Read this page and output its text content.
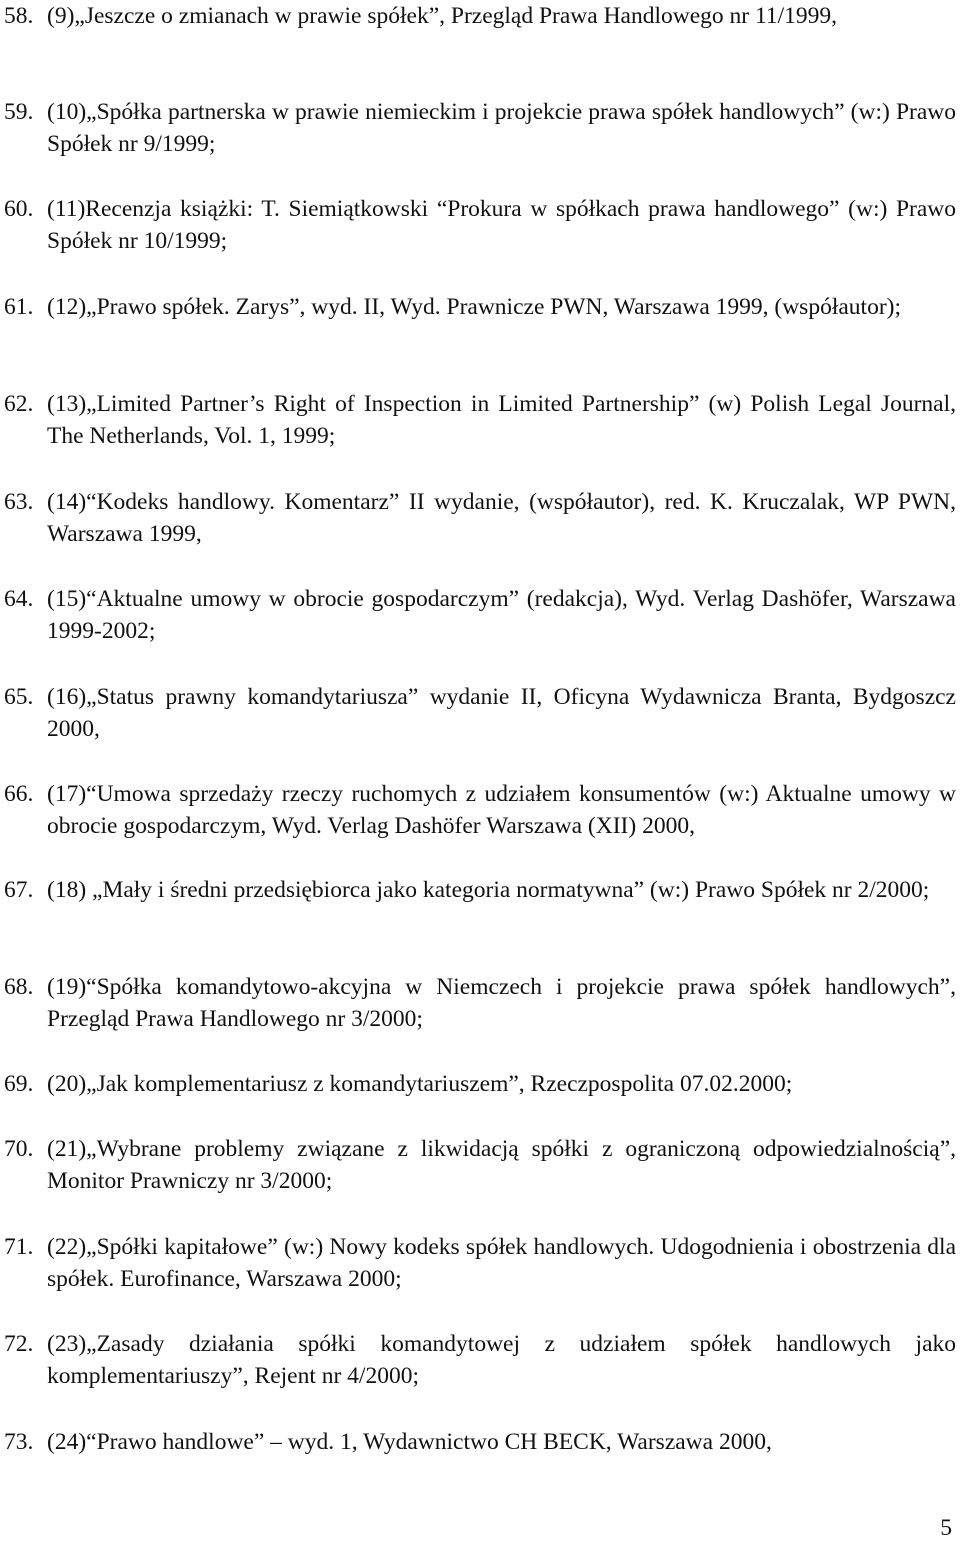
58. (9)„Jeszcze o zmianach w prawie spółek”, Przegląd Prawa Handlowego nr 11/1999,
59. (10)„Spółka partnerska w prawie niemieckim i projekcie prawa spółek handlowych” (w:) Prawo Spółek nr 9/1999;
60. (11)Recenzja książki: T. Siemiątkowski “Prokura w spółkach prawa handlowego” (w:) Prawo Spółek nr 10/1999;
61. (12)„Prawo spółek. Zarys”, wyd. II, Wyd. Prawnicze PWN, Warszawa 1999, (współautor);
62. (13)„Limited Partner’s Right of Inspection in Limited Partnership” (w) Polish Legal Journal, The Netherlands, Vol. 1, 1999;
63. (14)“Kodeks handlowy. Komentarz” II wydanie, (współautor), red. K. Kruczalak, WP PWN, Warszawa 1999,
64. (15)“Aktualne umowy w obrocie gospodarczym” (redakcja), Wyd. Verlag Dashöfer, Warszawa 1999-2002;
65. (16)„Status prawny komandytariusza” wydanie II, Oficyna Wydawnicza Branta, Bydgoszcz 2000,
66. (17)“Umowa sprzedaży rzeczy ruchomych z udziałem konsumentów (w:) Aktualne umowy w obrocie gospodarczym, Wyd. Verlag Dashöfer Warszawa (XII) 2000,
67. (18) „Mały i średni przedsiębiorca jako kategoria normatywna” (w:) Prawo Spółek nr 2/2000;
68. (19)“Spółka komandytowo-akcyjna w Niemczech i projekcie prawa spółek handlowych”, Przegląd Prawa Handlowego nr 3/2000;
69. (20)„Jak komplementariusz z komandytariuszem”, Rzeczpospolita 07.02.2000;
70. (21)„Wybrane problemy związane z likwidacją spółki z ograniczoną odpowiedzialnością”, Monitor Prawniczy nr 3/2000;
71. (22)„Spółki kapitałowe” (w:) Nowy kodeks spółek handlowych. Udogodnienia i obostrzenia dla spółek. Eurofinance, Warszawa 2000;
72. (23)„Zasady działania spółki komandytowej z udziałem spółek handlowych jako komplementariuszy”, Rejent nr 4/2000;
73. (24)“Prawo handlowe” – wyd. 1, Wydawnictwo CH BECK, Warszawa 2000,
5
